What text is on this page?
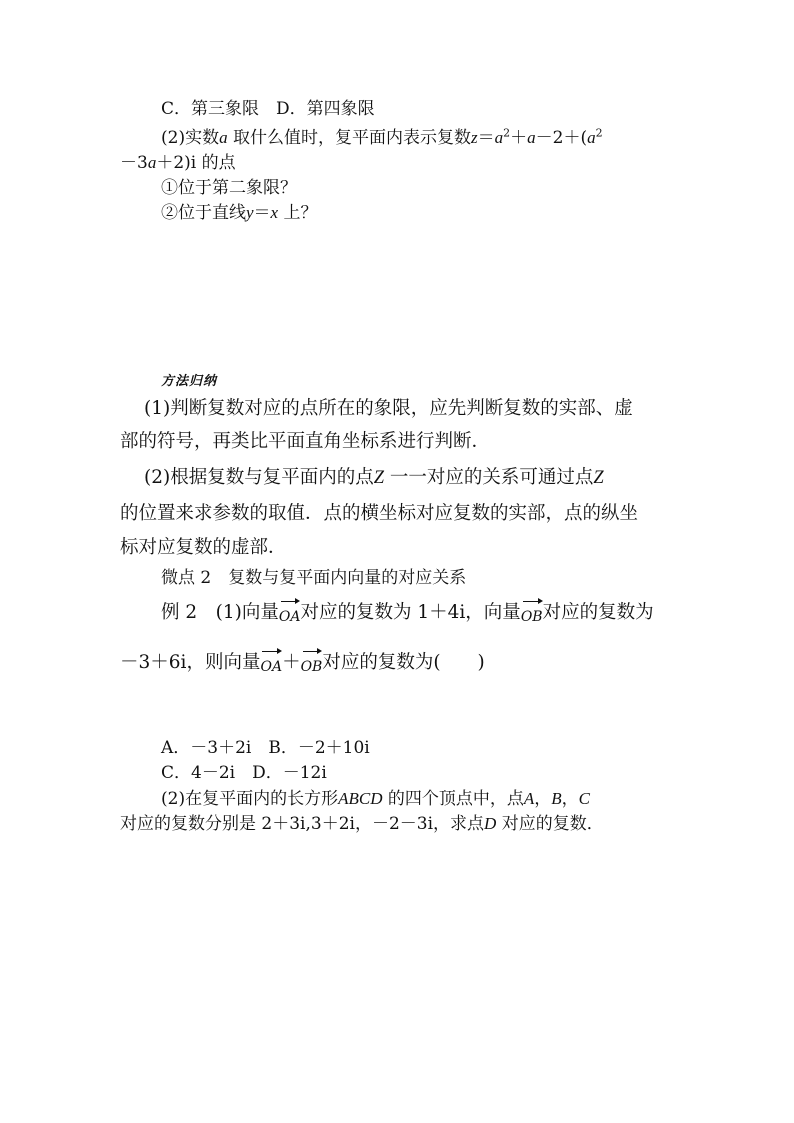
C．第三象限　 D．第四象限
(2)实数a 取什么值时，复平面内表示复数$z=a^2+a-2+(a^2$
－3a＋2)i 的点
①位于第二象限？
②位于直线y＝x 上？
方法归纳
(1)判断复数对应的点所在的象限，应先判断复数的实部、虚
部的符号，再类比平面直角坐标系进行判断．
(2)根据复数与复平面内的点Z 一一对应的关系可通过点Z
的位置来求参数的取值．点的横坐标对应复数的实部，点的纵坐
标对应复数的虚部．
微点 2　复数与复平面内向量的对应关系
例 2　(1)向量OA对应的复数为 1＋4i，向量OB对应的复数为
－3＋6i，则向量OA＋OB对应的复数为(　　)
A．－3＋2i　 B．－2＋10i
C．4－2i　 D．－12i
(2)在复平面内的长方形ABCD 的四个顶点中，点A，B，C
对应的复数分别是 2＋3i,3＋2i，－2－3i，求点D 对应的复数．
